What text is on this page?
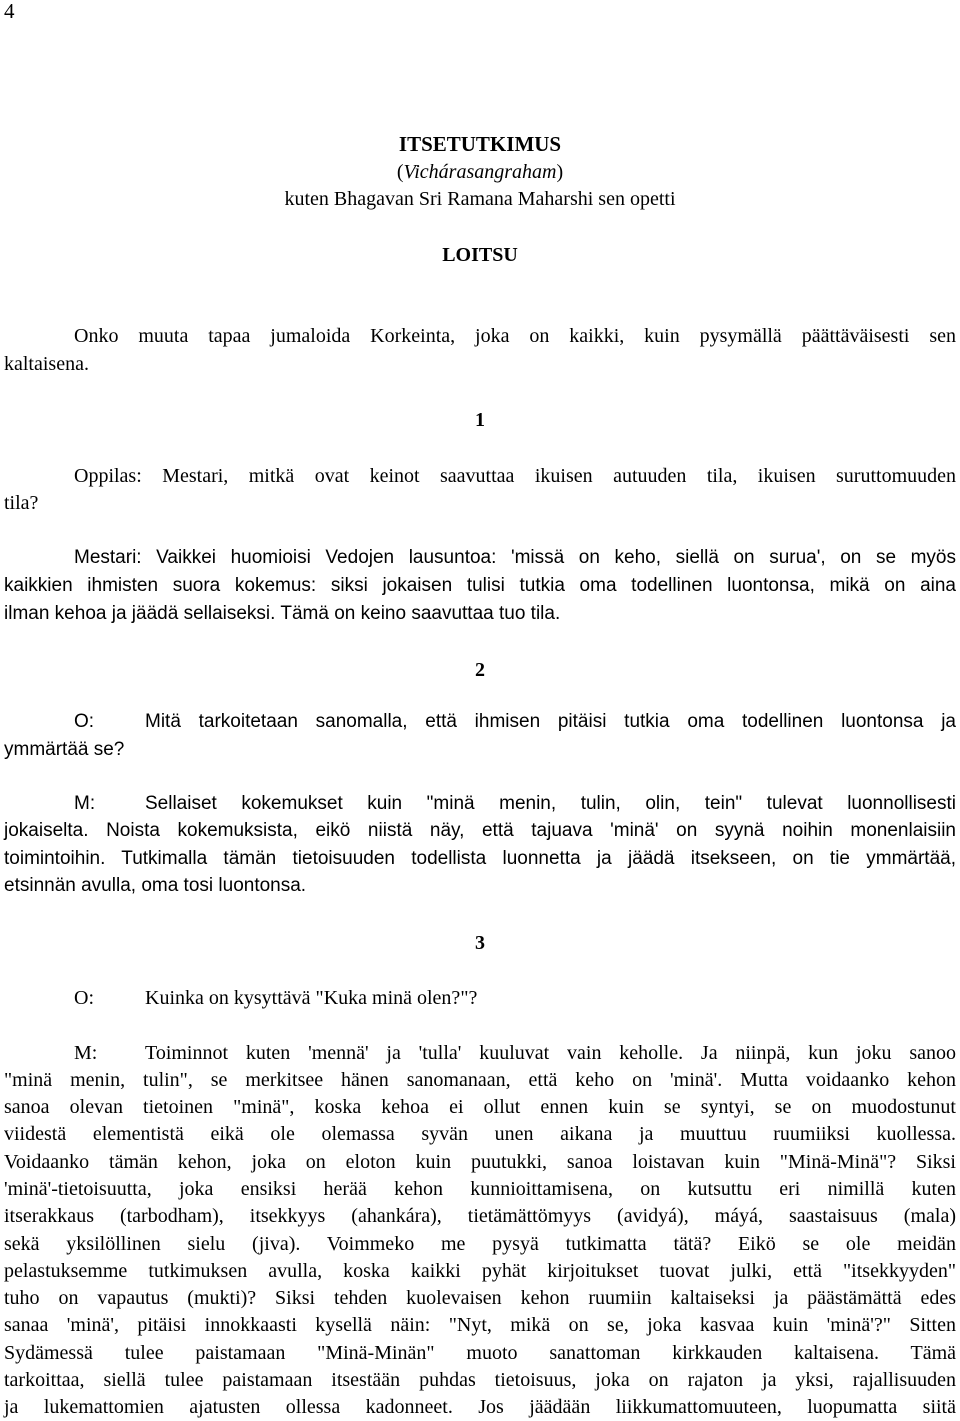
4
ITSETUTKIMUS
(Vichárasangraham)
kuten Bhagavan Sri Ramana Maharshi sen opetti
LOITSU
Onko muuta tapaa jumaloida Korkeinta, joka on kaikki, kuin pysymällä päättäväisesti sen
kaltaisena.
1
Oppilas: Mestari, mitkä ovat keinot saavuttaa ikuisen autuuden tila, ikuisen suruttomuuden
tila?
Mestari: Vaikkei huomioisi Vedojen lausuntoa: 'missä on keho, siellä on surua', on se myös
kaikkien ihmisten suora kokemus: siksi jokaisen tulisi tutkia oma todellinen luontonsa, mikä on aina
ilman kehoa ja jäädä sellaiseksi. Tämä on keino saavuttaa tuo tila.
2
O:	Mitä tarkoitetaan sanomalla, että ihmisen pitäisi tutkia oma todellinen luontonsa ja
ymmärtää se?
M:	Sellaiset kokemukset kuin "minä menin, tulin, olin, tein" tulevat luonnollisesti
jokaiselta. Noista kokemuksista, eikö niistä näy, että tajuava 'minä' on syynä noihin monenlaisiin
toimintoihin. Tutkimalla tämän tietoisuuden todellista luonnetta ja jäädä itsekseen, on tie ymmärtää,
etsinnän avulla, oma tosi luontonsa.
3
O:	Kuinka on kysyttävä "Kuka minä olen?"?
M: Toiminnot kuten 'mennä' ja 'tulla' kuuluvat vain keholle. Ja niinpä, kun joku sanoo
"minä menin, tulin", se merkitsee hänen sanomanaan, että keho on 'minä'. Mutta voidaanko kehon
sanoa olevan tietoinen "minä", koska kehoa ei ollut ennen kuin se syntyi, se on muodostunut
viidestä elementistä eikä ole olemassa syvän unen aikana ja muuttuu ruumiiksi kuollessa.
Voidaanko tämän kehon, joka on eloton kuin puutukki, sanoa loistavan kuin "Minä-Minä"? Siksi
'minä'-tietoisuutta, joka ensiksi herää kehon kunnioittamisena, on kutsuttu eri nimillä kuten
itserakkaus (tarbodham), itsekkyys (ahankára), tietämättömyys (avidyá), máyá, saastaisuus (mala)
sekä yksilöllinen sielu (jiva). Voimmeko me pysyä tutkimatta tätä? Eikö se ole meidän
pelastuksemme tutkimuksen avulla, koska kaikki pyhät kirjoitukset tuovat julki, että "itsekkyyden"
tuho on vapautus (mukti)? Siksi tehden kuolevaisen kehon ruumiin kaltaiseksi ja päästämättä edes
sanaa 'minä', pitäisi innokkaasti kysellä näin: "Nyt, mikä on se, joka kasvaa kuin 'minä'?" Sitten
Sydämessä tulee paistamaan "Minä-Minän" muoto sanattoman kirkkauden kaltaisena. Tämä
tarkoittaa, siellä tulee paistamaan itsestään puhdas tietoisuus, joka on rajaton ja yksi, rajallisuuden
ja lukemattomien ajatusten ollessa kadonneet. Jos jäädään liikkumattomuuteen, luopumatta siitä
